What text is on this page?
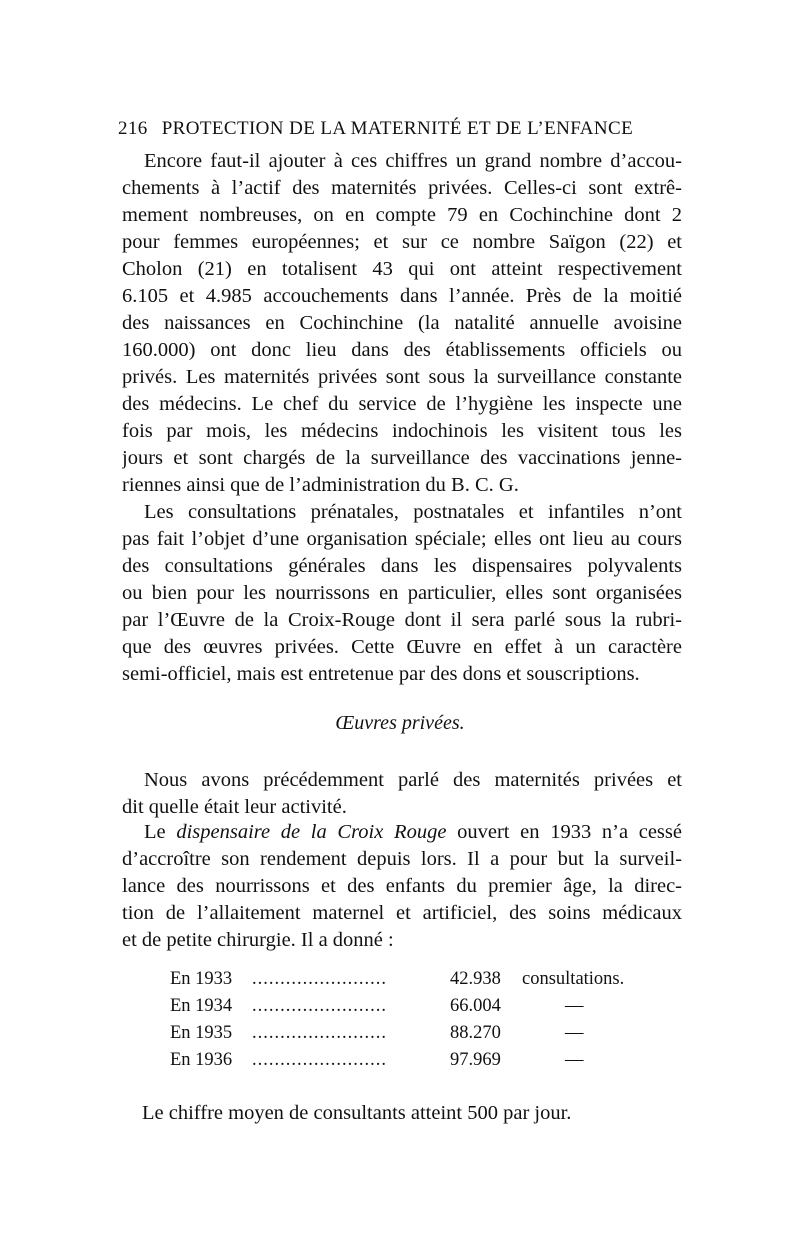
216 PROTECTION DE LA MATERNITÉ ET DE L’ENFANCE
Encore faut-il ajouter à ces chiffres un grand nombre d’accou-
chements à l’actif des maternités privées. Celles-ci sont extrê-
mement nombreuses, on en compte 79 en Cochinchine dont 2
pour femmes européennes; et sur ce nombre Saïgon (22) et
Cholon (21) en totalisent 43 qui ont atteint respectivement
6.105 et 4.985 accouchements dans l’année. Près de la moitié
des naissances en Cochinchine (la natalité annuelle avoisine
160.000) ont donc lieu dans des établissements officiels ou
privés. Les maternités privées sont sous la surveillance constante
des médecins. Le chef du service de l’hygiène les inspecte une
fois par mois, les médecins indochinois les visitent tous les
jours et sont chargés de la surveillance des vaccinations jenne-
riennes ainsi que de l’administration du B. C. G.
Les consultations prénatales, postnatales et infantiles n’ont
pas fait l’objet d’une organisation spéciale; elles ont lieu au cours
des consultations générales dans les dispensaires polyvalents
ou bien pour les nourrissons en particulier, elles sont organisées
par l’Œuvre de la Croix-Rouge dont il sera parlé sous la rubri-
que des œuvres privées. Cette Œuvre en effet à un caractère
semi-officiel, mais est entretenue par des dons et souscriptions.
Œuvres privées.
Nous avons précédemment parlé des maternités privées et
dit quelle était leur activité.
Le dispensaire de la Croix Rouge ouvert en 1933 n’a cessé
d’accroître son rendement depuis lors. Il a pour but la surveil-
lance des nourrissons et des enfants du premier âge, la direc-
tion de l’allaitement maternel et artificiel, des soins médicaux
et de petite chirurgie. Il a donné :
En 1933 ........................	42.938 consultations.
En 1934 ........................	66.004	—
En 1935 ........................	88.270	—
En 1936 ........................	97.969	—
Le chiffre moyen de consultants atteint 500 par jour.
